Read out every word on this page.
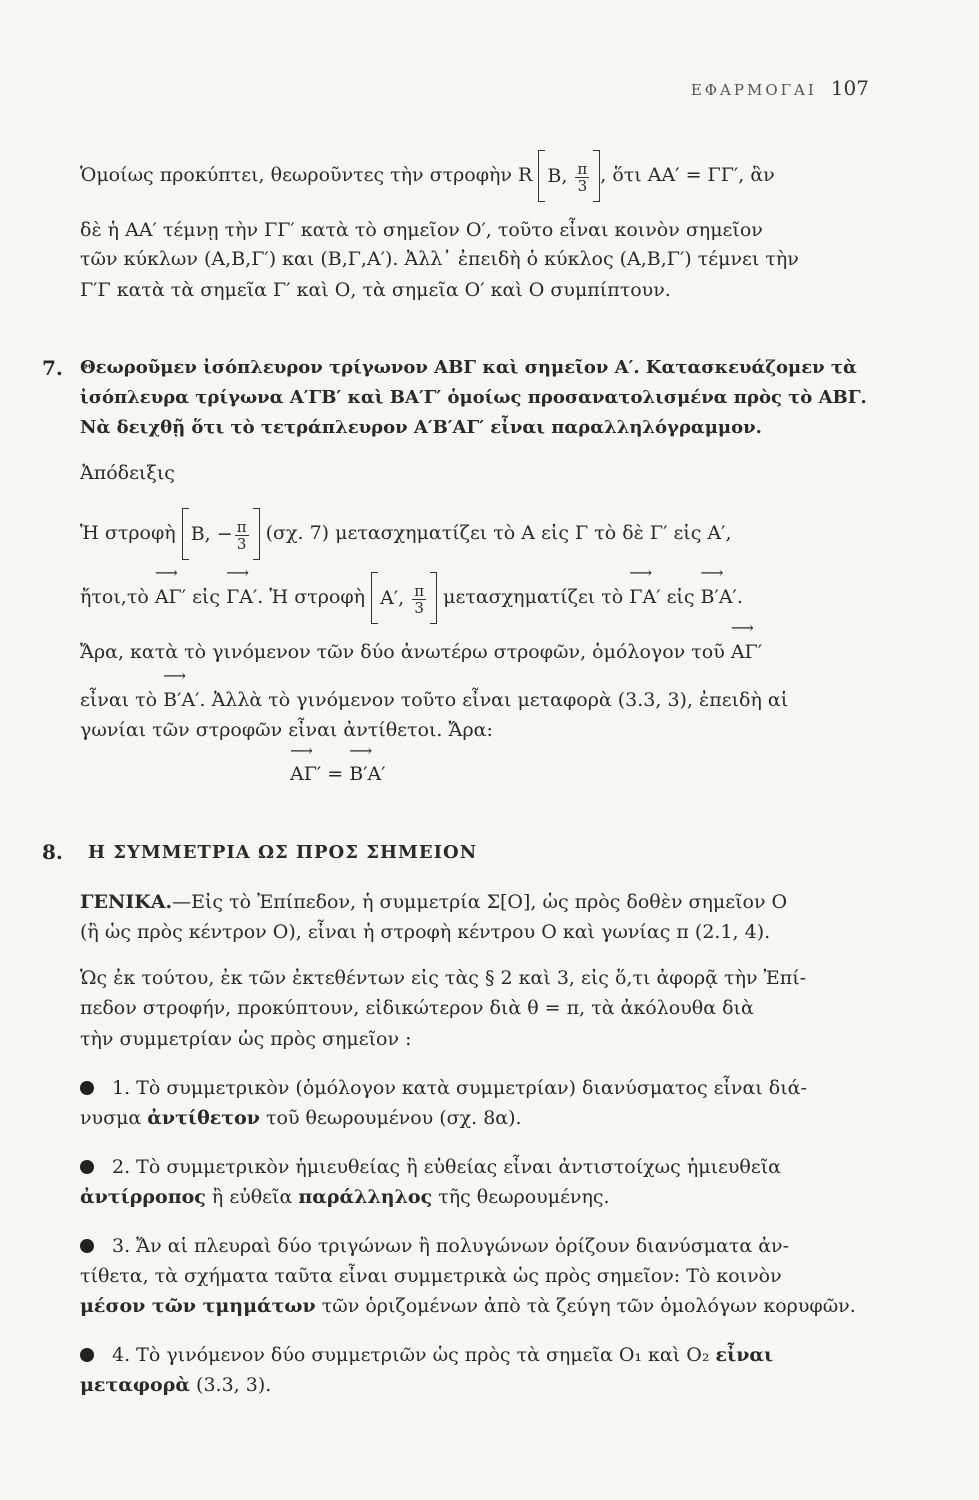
ΕΦΑΡΜΟΓΑΙ 107
Ὁμοίως προκύπτει, θεωροῦντες τὴν στροφὴν R B, $\frac{\pi}{3}$ , ὅτι ΑΑ′ = ΓΓ′, ἂν
δὲ ἡ ΑΑ′ τέμνῃ τὴν ΓΓ′ κατὰ τὸ σημεῖον Ο′, τοῦτο εἶναι κοινὸν σημεῖον
τῶν κύκλων (Α,Β,Γ′) και (Β,Γ,Α′). Ἀλλ᾽ ἐπειδὴ ὁ κύκλος (Α,Β,Γ′) τέμνει τὴν
Γ′Γ κατὰ τὰ σημεῖα Γ′ καὶ Ο, τὰ σημεῖα Ο′ καὶ Ο συμπίπτουν.
7. Θεωροῦμεν ἰσόπλευρον τρίγωνον ΑΒΓ καὶ σημεῖον Α′. Κατασκευάζομεν τὰ
ἰσόπλευρα τρίγωνα Α′ΓΒ′ καὶ ΒΑ′Γ′ ὁμοίως προσανατολισμένα πρὸς τὸ ΑΒΓ.
Νὰ δειχθῇ ὅτι τὸ τετράπλευρον Α′Β′ΑΓ′ εἶναι παραλληλόγραμμον.
Ἀπόδειξις
Ἡ στροφὴ Β, − $\frac{\pi}{3} (\sigma\chi$. 7) μετασχηματίζει τὸ Α εἰς Γ τὸ δὲ Γ′ εἰς Α′,
ἤτοι,τὸ ⟶ ΑΓ′ εἰς ⟶ ΓΑ′. Ἡ στροφὴ Α′, $\frac{\pi}{3}$ μετασχηματίζει τὸ ⟶ ΓΑ′ εἰς ⟶ Β′Α′.
Ἄρα, κατὰ τὸ γινόμενον τῶν δύο ἀνωτέρω στροφῶν, ὁμόλογον τοῦ ⟶ ΑΓ′
εἶναι τὸ ⟶ Β′Α′. Ἀλλὰ τὸ γινόμενον τοῦτο εἶναι μεταφορὰ (3.3, 3), ἐπειδὴ αἱ
γωνίαι τῶν στροφῶν εἶναι ἀντίθετοι. Ἄρα:
⟶ ΑΓ′ = ⟶ Β′Α′
8. Η ΣΥΜΜΕΤΡΙΑ ΩΣ ΠΡΟΣ ΣΗΜΕΙΟΝ
ΓΕΝΙΚΑ.—Εἰς τὸ Ἐπίπεδον, ἡ συμμετρία Σ[Ο], ὡς πρὸς δοθὲν σημεῖον Ο
(ἢ ὡς πρὸς κέντρον Ο), εἶναι ἡ στροφὴ κέντρου Ο καὶ γωνίας π (2.1, 4).
Ὡς ἐκ τούτου, ἐκ τῶν ἐκτεθέντων εἰς τὰς § 2 καὶ 3, εἰς ὅ,τι ἀφορᾷ τὴν Ἐπί-
πεδον στροφήν, προκύπτουν, εἰδικώτερον διὰ θ = π, τὰ ἀκόλουθα διὰ
τὴν συμμετρίαν ὡς πρὸς σημεῖον :
1. Τὸ συμμετρικὸν (ὁμόλογον κατὰ συμμετρίαν) διανύσματος εἶναι διά-
νυσμα ἀντίθετον τοῦ θεωρουμένου (σχ. 8α).
2. Τὸ συμμετρικὸν ἡμιευθείας ἢ εὐθείας εἶναι ἀντιστοίχως ἡμιευθεῖα
ἀντίρροπος ἢ εὐθεῖα παράλληλος τῆς θεωρουμένης.
3. Ἄν αἱ πλευραὶ δύο τριγώνων ἢ πολυγώνων ὁρίζουν διανύσματα ἀν-
τίθετα, τὰ σχήματα ταῦτα εἶναι συμμετρικὰ ὡς πρὸς σημεῖον: Τὸ κοινὸν
μέσον τῶν τμημάτων τῶν ὁριζομένων ἀπὸ τὰ ζεύγη τῶν ὁμολόγων κορυφῶν.
4. Τὸ γινόμενον δύο συμμετριῶν ὡς πρὸς τὰ σημεῖα Ο₁ καὶ Ο₂ εἶναι
μεταφορὰ (3.3, 3).
